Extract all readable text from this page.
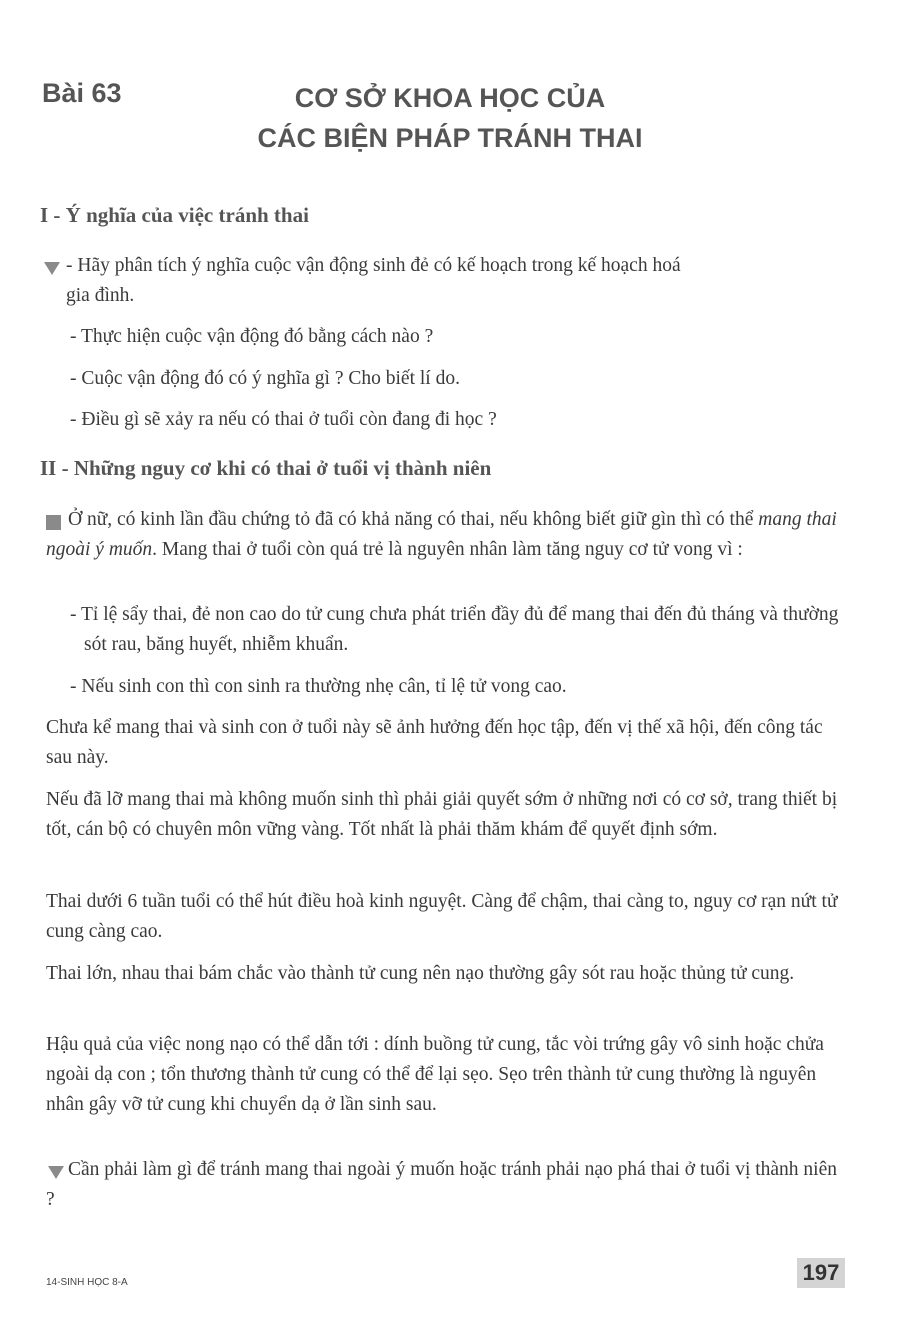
Bài 63	CƠ SỞ KHOA HỌC CỦA
CÁC BIỆN PHÁP TRÁNH THAI
I - Ý nghĩa của việc tránh thai
- Hãy phân tích ý nghĩa cuộc vận động sinh đẻ có kế hoạch trong kế hoạch hoá
gia đình.
- Thực hiện cuộc vận động đó bằng cách nào ?
- Cuộc vận động đó có ý nghĩa gì ? Cho biết lí do.
- Điều gì sẽ xảy ra nếu có thai ở tuổi còn đang đi học ?
II - Những nguy cơ khi có thai ở tuổi vị thành niên
Ở nữ, có kinh lần đầu chứng tỏ đã có khả năng có thai, nếu không biết giữ gìn thì có thể mang thai ngoài ý muốn. Mang thai ở tuổi còn quá trẻ là nguyên nhân làm tăng nguy cơ tử vong vì :
- Tỉ lệ sẩy thai, đẻ non cao do tử cung chưa phát triển đầy đủ để mang thai đến đủ tháng và thường sót rau, băng huyết, nhiễm khuẩn.
- Nếu sinh con thì con sinh ra thường nhẹ cân, tỉ lệ tử vong cao.
Chưa kể mang thai và sinh con ở tuổi này sẽ ảnh hưởng đến học tập, đến vị thế xã hội, đến công tác sau này.
Nếu đã lỡ mang thai mà không muốn sinh thì phải giải quyết sớm ở những nơi có cơ sở, trang thiết bị tốt, cán bộ có chuyên môn vững vàng. Tốt nhất là phải thăm khám để quyết định sớm.
Thai dưới 6 tuần tuổi có thể hút điều hoà kinh nguyệt. Càng để chậm, thai càng to, nguy cơ rạn nứt tử cung càng cao.
Thai lớn, nhau thai bám chắc vào thành tử cung nên nạo thường gây sót rau hoặc thủng tử cung.
Hậu quả của việc nong nạo có thể dẫn tới : dính buồng tử cung, tắc vòi trứng gây vô sinh hoặc chửa ngoài dạ con ; tổn thương thành tử cung có thể để lại sẹo. Sẹo trên thành tử cung thường là nguyên nhân gây vỡ tử cung khi chuyển dạ ở lần sinh sau.
Cần phải làm gì để tránh mang thai ngoài ý muốn hoặc tránh phải nạo phá thai ở tuổi vị thành niên ?
14-SINH HỌC 8-A	197
